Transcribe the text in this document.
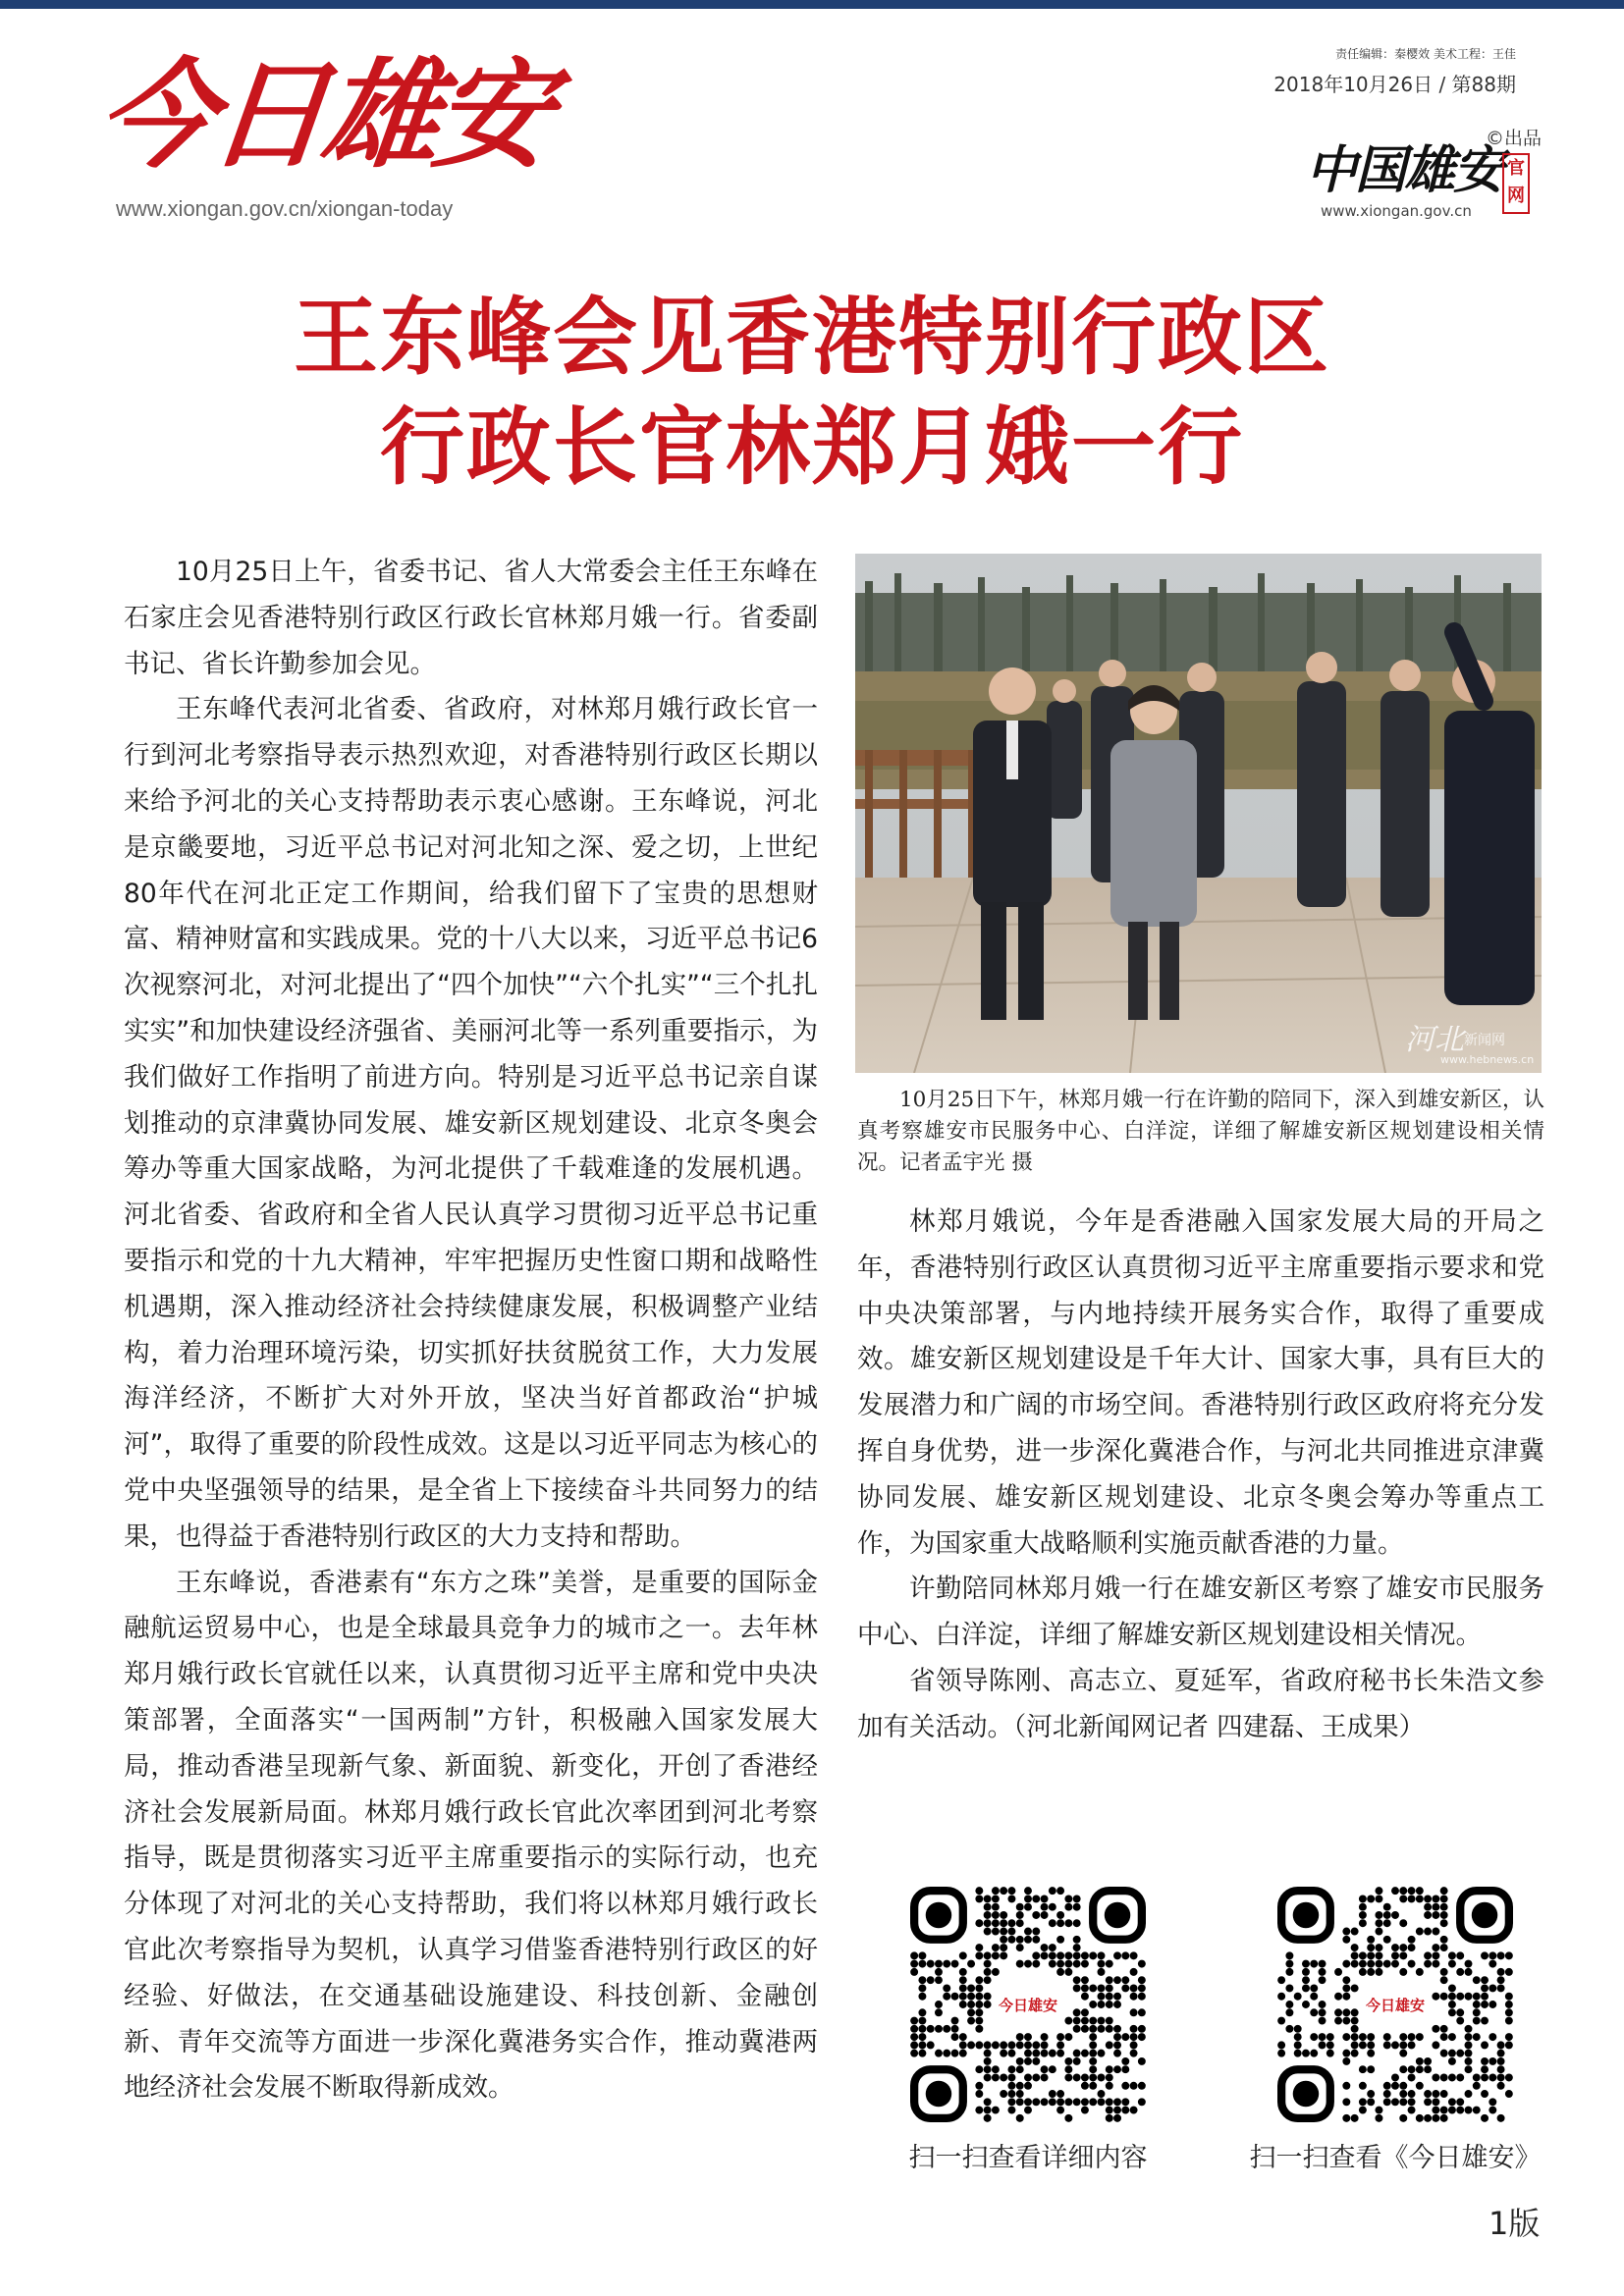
今日雄安
www.xiongan.gov.cn/xiongan-today
责任编辑：秦樱效 美术工程：王佳
2018年10月26日 / 第88期
©出品
中国雄安 官网
www.xiongan.gov.cn
王东峰会见香港特别行政区
行政长官林郑月娥一行

10月25日上午，省委书记、省人大常委会主任王东峰在石家庄会见香港特别行政区行政长官林郑月娥一行。省委副书记、省长许勤参加会见。

王东峰代表河北省委、省政府，对林郑月娥行政长官一行到河北考察指导表示热烈欢迎，对香港特别行政区长期以来给予河北的关心支持帮助表示衷心感谢。王东峰说，河北是京畿要地，习近平总书记对河北知之深、爱之切，上世纪80年代在河北正定工作期间，给我们留下了宝贵的思想财富、精神财富和实践成果。党的十八大以来，习近平总书记6次视察河北，对河北提出了“四个加快”“六个扎实”“三个扎扎实实”和加快建设经济强省、美丽河北等一系列重要指示，为我们做好工作指明了前进方向。特别是习近平总书记亲自谋划推动的京津冀协同发展、雄安新区规划建设、北京冬奥会筹办等重大国家战略，为河北提供了千载难逢的发展机遇。河北省委、省政府和全省人民认真学习贯彻习近平总书记重要指示和党的十九大精神，牢牢把握历史性窗口期和战略性机遇期，深入推动经济社会持续健康发展，积极调整产业结构，着力治理环境污染，切实抓好扶贫脱贫工作，大力发展海洋经济，不断扩大对外开放，坚决当好首都政治“护城河”，取得了重要的阶段性成效。这是以习近平同志为核心的党中央坚强领导的结果，是全省上下接续奋斗共同努力的结果，也得益于香港特别行政区的大力支持和帮助。

王东峰说，香港素有“东方之珠”美誉，是重要的国际金融航运贸易中心，也是全球最具竞争力的城市之一。去年林郑月娥行政长官就任以来，认真贯彻习近平主席和党中央决策部署，全面落实“一国两制”方针，积极融入国家发展大局，推动香港呈现新气象、新面貌、新变化，开创了香港经济社会发展新局面。林郑月娥行政长官此次率团到河北考察指导，既是贯彻落实习近平主席重要指示的实际行动，也充分体现了对河北的关心支持帮助，我们将以林郑月娥行政长官此次考察指导为契机，认真学习借鉴香港特别行政区的好经验、好做法，在交通基础设施建设、科技创新、金融创新、青年交流等方面进一步深化冀港务实合作，推动冀港两地经济社会发展不断取得新成效。

河北 新闻网
www.hebnews.cn
10月25日下午，林郑月娥一行在许勤的陪同下，深入到雄安新区，认真考察雄安市民服务中心、白洋淀，详细了解雄安新区规划建设相关情况。记者孟宇光 摄

林郑月娥说，今年是香港融入国家发展大局的开局之年，香港特别行政区认真贯彻习近平主席重要指示要求和党中央决策部署，与内地持续开展务实合作，取得了重要成效。雄安新区规划建设是千年大计、国家大事，具有巨大的发展潜力和广阔的市场空间。香港特别行政区政府将充分发挥自身优势，进一步深化冀港合作，与河北共同推进京津冀协同发展、雄安新区规划建设、北京冬奥会筹办等重点工作，为国家重大战略顺利实施贡献香港的力量。

许勤陪同林郑月娥一行在雄安新区考察了雄安市民服务中心、白洋淀，详细了解雄安新区规划建设相关情况。

省领导陈刚、高志立、夏延军，省政府秘书长朱浩文参加有关活动。（河北新闻网记者 四建磊、王成果）

今日雄安
扫一扫查看详细内容
今日雄安
扫一扫查看《今日雄安》
1版
